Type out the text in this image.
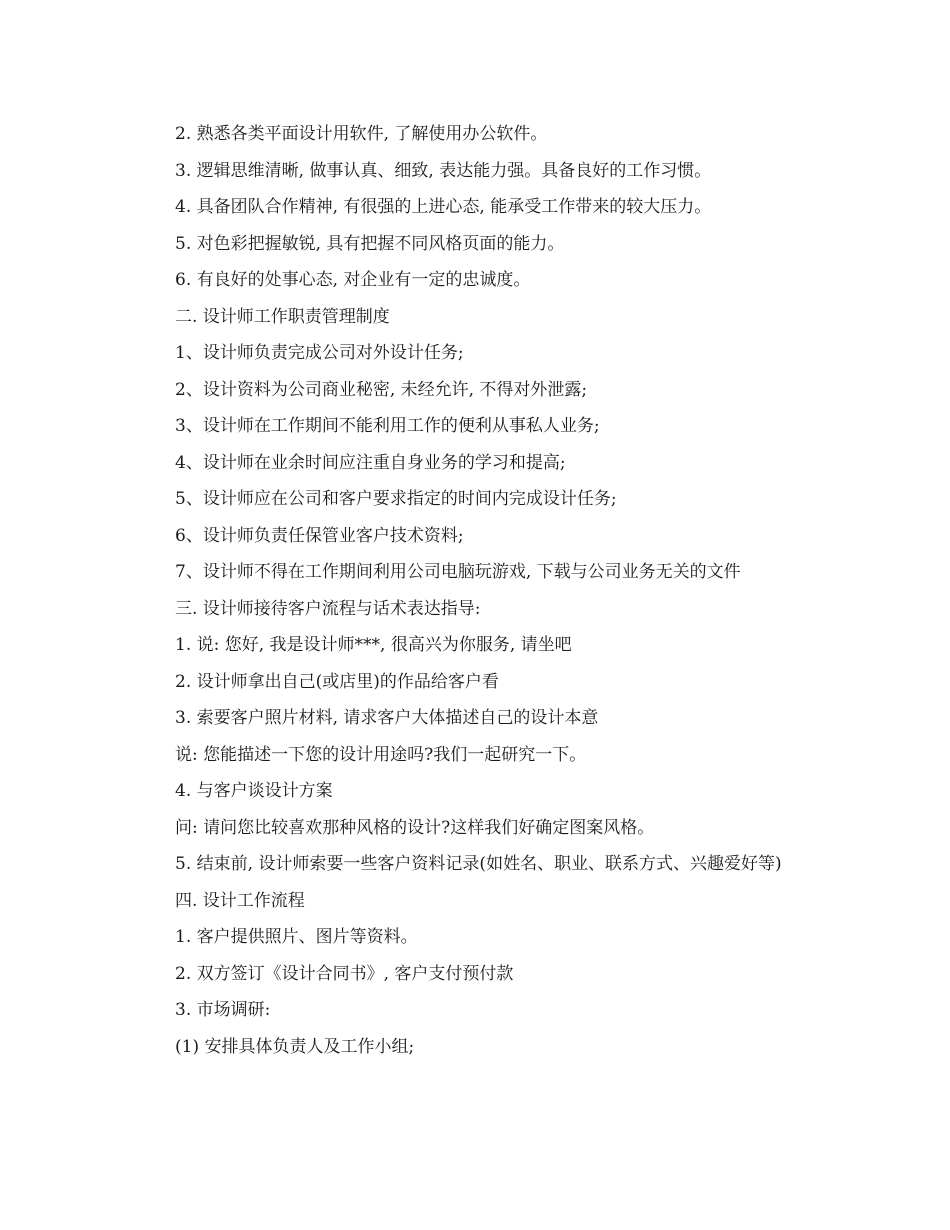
2. 熟悉各类平面设计用软件, 了解使用办公软件。
3. 逻辑思维清晰, 做事认真、细致, 表达能力强。具备良好的工作习惯。
4. 具备团队合作精神, 有很强的上进心态, 能承受工作带来的较大压力。
5. 对色彩把握敏锐, 具有把握不同风格页面的能力。
6. 有良好的处事心态, 对企业有一定的忠诚度。
二. 设计师工作职责管理制度
1、设计师负责完成公司对外设计任务;
2、设计资料为公司商业秘密, 未经允许, 不得对外泄露;
3、设计师在工作期间不能利用工作的便利从事私人业务;
4、设计师在业余时间应注重自身业务的学习和提高;
5、设计师应在公司和客户要求指定的时间内完成设计任务;
6、设计师负责任保管业客户技术资料;
7、设计师不得在工作期间利用公司电脑玩游戏, 下载与公司业务无关的文件
三. 设计师接待客户流程与话术表达指导:
1. 说: 您好, 我是设计师***, 很高兴为你服务, 请坐吧
2. 设计师拿出自己(或店里)的作品给客户看
3. 索要客户照片材料, 请求客户大体描述自己的设计本意
说: 您能描述一下您的设计用途吗?我们一起研究一下。
4. 与客户谈设计方案
问: 请问您比较喜欢那种风格的设计?这样我们好确定图案风格。
5. 结束前, 设计师索要一些客户资料记录(如姓名、职业、联系方式、兴趣爱好等)
四. 设计工作流程
1. 客户提供照片、图片等资料。
2. 双方签订《设计合同书》, 客户支付预付款
3. 市场调研:
(1) 安排具体负责人及工作小组;
